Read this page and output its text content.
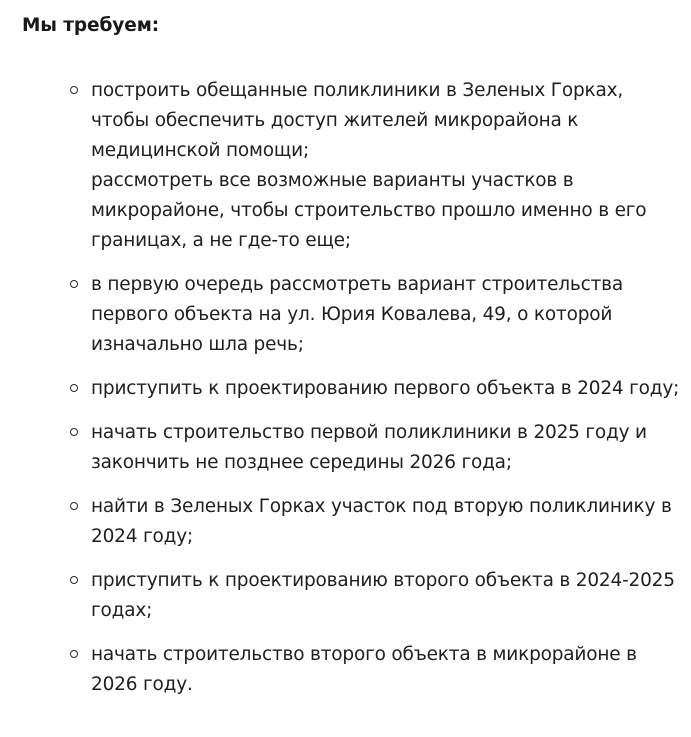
Мы требуем:

построить обещанные поликлиники в Зеленых Горках, чтобы обеспечить доступ жителей микрорайона к медицинской помощи;
рассмотреть все возможные варианты участков в микрорайоне, чтобы строительство прошло именно в его границах, а не где-то еще;
в первую очередь рассмотреть вариант строительства первого объекта на ул. Юрия Ковалева, 49, о которой изначально шла речь;
приступить к проектированию первого объекта в 2024 году;
начать строительство первой поликлиники в 2025 году и закончить не позднее середины 2026 года;
найти в Зеленых Горках участок под вторую поликлинику в 2024 году;
приступить к проектированию второго объекта в 2024-2025 годах;
начать строительство второго объекта в микрорайоне в 2026 году.
